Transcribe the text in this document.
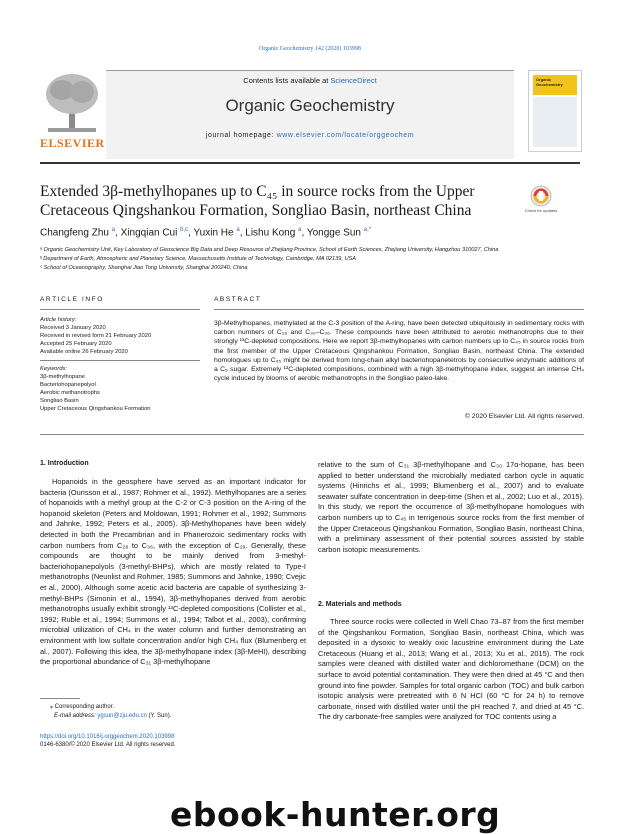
Organic Geochemistry 142 (2020) 103998
ELSEVIER
Contents lists available at ScienceDirect
Organic Geochemistry
journal homepage: www.elsevier.com/locate/orggeochem
Organic Geochemistry
Extended 3β-methylhopanes up to C₄₅ in source rocks from the Upper Cretaceous Qingshankou Formation, Songliao Basin, northeast China	Check for updates
Changfeng Zhu $^a$, Xingqian Cui $^{b,c}$, Yuxin He $^a$, Lishu Kong $^a$, Yongge Sun $^{a,*}$
ᵃ Organic Geochemistry Unit, Key Laboratory of Geoscience Big Data and Deep Resource of Zhejiang Province, School of Earth Sciences, Zhejiang University, Hangzhou 310027, China
ᵇ Department of Earth, Atmospheric and Planetary Science, Massachusetts Institute of Technology, Cambridge, MA 02139, USA
ᶜ School of Oceanography, Shanghai Jiao Tong University, Shanghai 200240, China
ARTICLE INFO	ABSTRACT
Article history:
Received 3 January 2020
Received in revised form 21 February 2020
Accepted 25 February 2020
Available online 26 February 2020
Keywords:
3β-methylhopane
Bacteriohopanepolyol
Aerobic methanotrophs
Songliao Basin
Upper Cretaceous Qingshankou Formation
3β-Methylhopanes, methylated at the C-3 position of the A-ring, have been detected ubiquitously in sedimentary rocks with carbon numbers of C₂₈ and C₃₀–C₃₆. These compounds have been attributed to aerobic methanotrophs due to their strongly ¹³C-depleted compositions. Here we report 3β-methylhopanes with carbon numbers up to C₄₅ in source rocks from the first member of the Upper Cretaceous Qingshankou Formation, Songliao Basin, northeast China. The extended homologues up to C₄₅ might be derived from long-chain alkyl bacteriohopanetetrols by consecutive enzymatic additions of a C₅ sugar. Extremely ¹³C-depleted compositions, combined with a high 3β-methylhopane index, suggest an intense CH₄ cycle induced by blooms of aerobic methanotrophs in the Songliao paleo-lake.
© 2020 Elsevier Ltd. All rights reserved.
1. Introduction
Hopanoids in the geosphere have served as an important indicator for bacteria (Ourisson et al., 1987; Rohmer et al., 1992). Methylhopanes are a series of hopanoids with a methyl group at the C-2 or C-3 position on the A-ring of the hopanoid skeleton (Peters and Moldowan, 1991; Rohmer et al., 1992; Summons and Jahnke, 1992; Peters et al., 2005). 3β-Methylhopanes have been widely detected in both the Precambrian and in Phanerozoic sedimentary rocks with carbon numbers from C₂₈ to C₃₆, with the exception of C₂₉. Generally, these compounds are thought to be mainly derived from 3-methyl-bacteriohopanepolyols (3-methyl-BHPs), which are mostly related to Type-I methanotrophs (Neunlist and Rohmer, 1985; Summons and Jahnke, 1990; Cvejic et al., 2000). Although some acetic acid bacteria are capable of synthesizing 3-methyl-BHPs (Simonin et al., 1994), 3β-methylhopanes derived from aerobic methanotrophs usually exhibit strongly ¹³C-depleted compositions (Collister et al., 1992; Ruble et al., 1994; Summons et al., 1994; Talbot et al., 2003), confirming microbial utilization of CH₄ in the water column and further demonstrating an environment with low sulfate concentration and/or high CH₄ flux (Blumenberg et al., 2007). Following this idea, the 3β-methylhopane index (3β-MeHI), describing the proportional abundance of C₃₁ 3β-methylhopane
relative to the sum of C₃₁ 3β-methylhopane and C₃₀ 17α-hopane, has been applied to better understand the microbially mediated carbon cycle in aquatic systems (Hinrichs et al., 1999; Blumenberg et al., 2007) and to evaluate seawater sulfate concentration in deep-time (Shen et al., 2002; Luo et al., 2015). In this study, we report the occurrence of 3β-methylhopane homologues with carbon numbers up to C₄₅ in terrigenous source rocks from the first member of the Upper Cretaceous Qingshankou Formation, Songliao Basin, northeast China, with a preliminary assessment of their potential sources assisted by stable carbon isotopic measurements.
2. Materials and methods
Three source rocks were collected in Well Chao 73–87 from the first member of the Qingshankou Formation, Songliao Basin, northeast China, which was deposited in a dysoxic to weakly oxic lacustrine environment during the Late Cretaceous (Huang et al., 2013; Wang et al., 2013; Xu et al., 2015). The rock samples were cleaned with distilled water and dichloromethane (DCM) on the surface to avoid potential contamination. They were then dried at 45 °C and then ground into fine powder. Samples for total organic carbon (TOC) and bulk carbon isotopic analysis were pretreated with 6 N HCl (60 °C for 24 h) to remove carbonate, rinsed with distilled water until the pH reached 7, and dried at 45 °C. The dry carbonate-free samples were analyzed for TOC contents using a
⁎ Corresponding author.
E-mail address: ygsun@zju.edu.cn (Y. Sun).
https://doi.org/10.1016/j.orggeochem.2020.103998
0146-6380/© 2020 Elsevier Ltd. All rights reserved.
ebook-hunter.org
